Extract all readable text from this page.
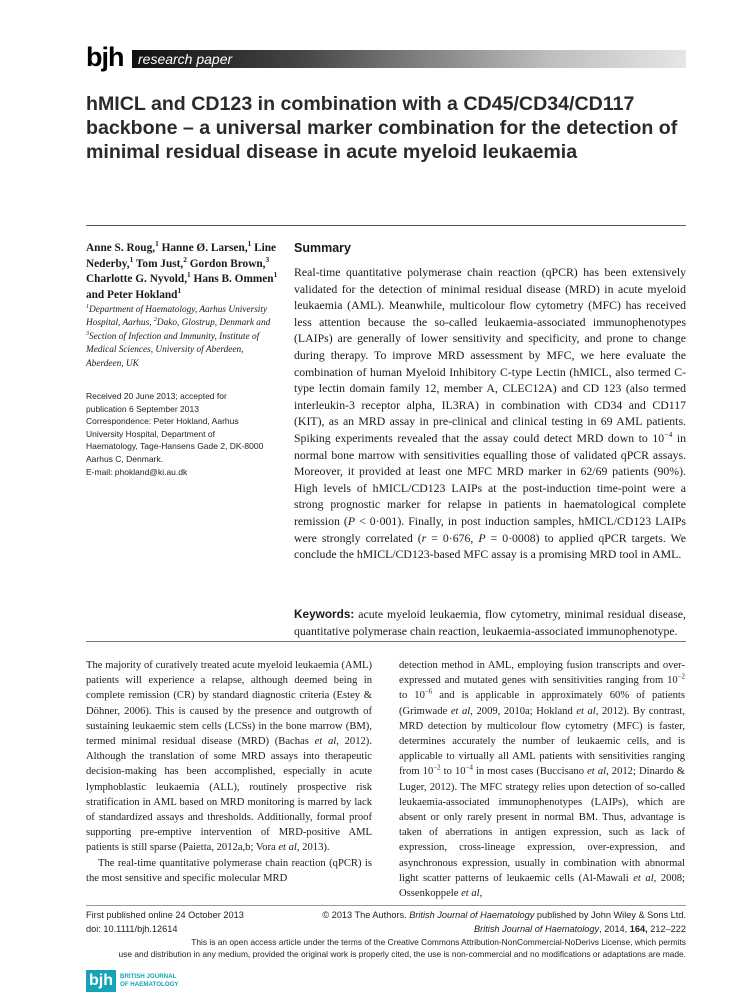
bjh research paper
hMICL and CD123 in combination with a CD45/CD34/CD117 backbone – a universal marker combination for the detection of minimal residual disease in acute myeloid leukaemia
Anne S. Roug,$^1$ Hanne Ø. Larsen,$^1$ Line Nederby,$^1$ Tom Just,$^2$ Gordon Brown,$^3$ Charlotte G. Nyvold,$^1$ Hans B. Ommen$^1$ and Peter Hokland$^1$
$^1$Department of Haematology, Aarhus University Hospital, Aarhus, $^2$Dako, Glostrup, Denmark and $^3$Section of Infection and Immunity, Institute of Medical Sciences, University of Aberdeen, Aberdeen, UK
Received 20 June 2013; accepted for
publication 6 September 2013
Correspondence: Peter Hokland, Aarhus
University Hospital, Department of
Haematology, Tage-Hansens Gade 2, DK-8000
Aarhus C, Denmark.
E-mail: phokland@ki.au.dk
Summary
Real-time quantitative polymerase chain reaction (qPCR) has been extensively validated for the detection of minimal residual disease (MRD) in acute myeloid leukaemia (AML). Meanwhile, multicolour flow cytometry (MFC) has received less attention because the so-called leukaemia-associated immunophenotypes (LAIPs) are generally of lower sensitivity and specificity, and prone to change during therapy. To improve MRD assessment by MFC, we here evaluate the combination of human Myeloid Inhibitory C-type Lectin (hMICL, also termed C-type lectin domain family 12, member A, CLEC12A) and CD 123 (also termed interleukin-3 receptor alpha, IL3RA) in combination with CD34 and CD117 (KIT), as an MRD assay in pre-clinical and clinical testing in 69 AML patients. Spiking experiments revealed that the assay could detect MRD down to $10^{-4}$ in normal bone marrow with sensitivities equalling those of validated qPCR assays. Moreover, it provided at least one MFC MRD marker in 62/69 patients (90%). High levels of hMICL/CD123 LAIPs at the post-induction time-point were a strong prognostic marker for relapse in patients in haematological complete remission (P < 0·001). Finally, in post induction samples, hMICL/CD123 LAIPs were strongly correlated (r = 0·676, P = 0·0008) to applied qPCR targets. We conclude the hMICL/CD123-based MFC assay is a promising MRD tool in AML.
Keywords: acute myeloid leukaemia, flow cytometry, minimal residual disease, quantitative polymerase chain reaction, leukaemia-associated immunophenotype.

The majority of curatively treated acute myeloid leukaemia (AML) patients will experience a relapse, although deemed being in complete remission (CR) by standard diagnostic criteria (Estey & Döhner, 2006). This is caused by the presence and outgrowth of sustaining leukaemic stem cells (LCSs) in the bone marrow (BM), termed minimal residual disease (MRD) (Bachas et al, 2012). Although the translation of some MRD assays into therapeutic decision-making has been accomplished, especially in acute lymphoblastic leukaemia (ALL), routinely prospective risk stratification in AML based on MRD monitoring is marred by lack of standardized assays and thresholds. Additionally, formal proof supporting pre-emptive intervention of MRD-positive AML patients is still sparse (Paietta, 2012a,b; Vora et al, 2013).

The real-time quantitative polymerase chain reaction (qPCR) is the most sensitive and specific molecular MRD

detection method in AML, employing fusion transcripts and over-expressed and mutated genes with sensitivities ranging from $10^{-2}$ to $10^{-6}$ and is applicable in approximately 60% of patients (Grimwade et al, 2009, 2010a; Hokland et al, 2012). By contrast, MRD detection by multicolour flow cytometry (MFC) is faster, determines accurately the number of leukaemic cells, and is applicable to virtually all AML patients with sensitivities ranging from $10^{-2}$ to $10^{-4}$ in most cases (Buccisano et al, 2012; Dinardo & Luger, 2012). The MFC strategy relies upon detection of so-called leukaemia-associated immunophenotypes (LAIPs), which are absent or only rarely present in normal BM. Thus, advantage is taken of aberrations in antigen expression, such as lack of expression, cross-lineage expression, over-expression, and asynchronous expression, usually in combination with abnormal light scatter patterns of leukaemic cells (Al-Mawali et al, 2008; Ossenkoppele et al,

First published online 24 October 2013
doi: 10.1111/bjh.12614
© 2013 The Authors. British Journal of Haematology published by John Wiley & Sons Ltd.
British Journal of Haematology, 2014, 164, 212–222
This is an open access article under the terms of the Creative Commons Attribution-NonCommercial-NoDerivs License, which permits
use and distribution in any medium, provided the original work is properly cited, the use is non-commercial and no modifications or adaptations are made.
bjh	BRITISH JOURNAL
OF HAEMATOLOGY
